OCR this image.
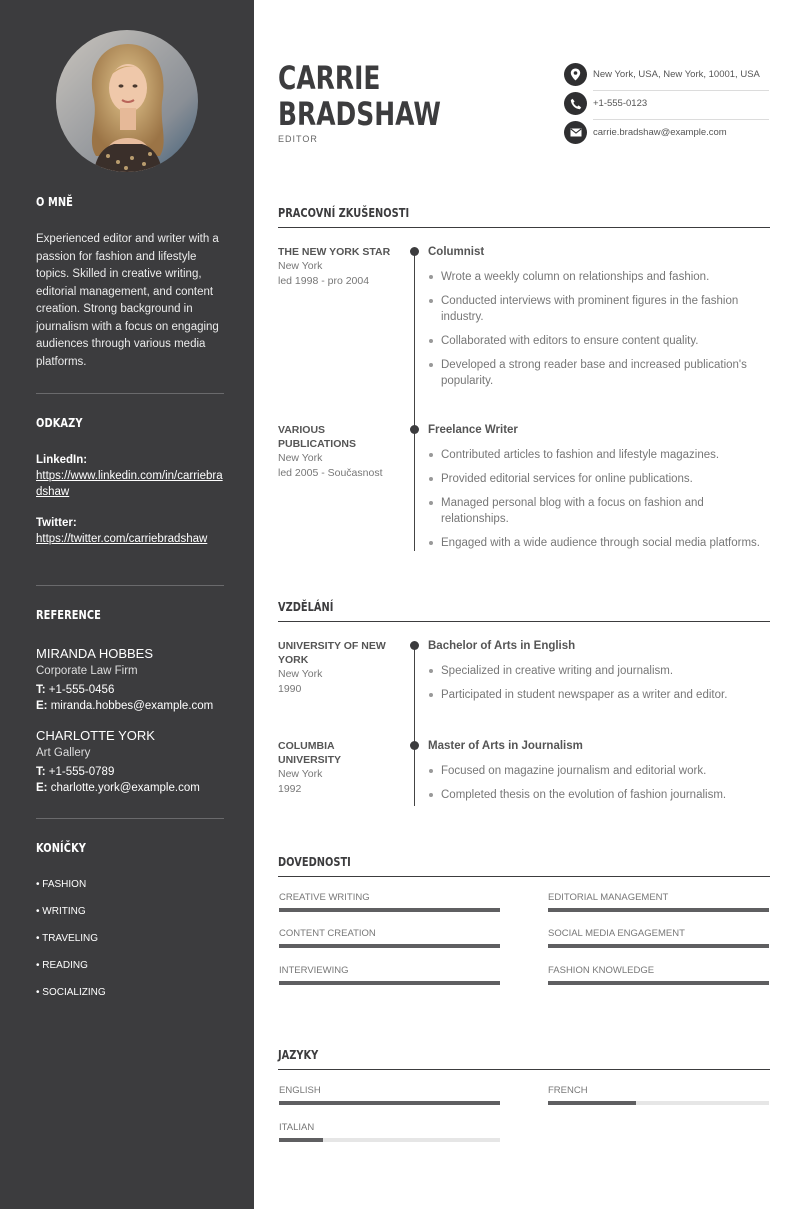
O MNĚ
Experienced editor and writer with a passion for fashion and lifestyle topics. Skilled in creative writing, editorial management, and content creation. Strong background in journalism with a focus on engaging audiences through various media platforms.
ODKAZY
LinkedIn:
https://www.linkedin.com/in/carriebradshaw
Twitter:
https://twitter.com/carriebradshaw
REFERENCE
MIRANDA HOBBES
Corporate Law Firm
T: +1-555-0456
E: miranda.hobbes@example.com
CHARLOTTE YORK
Art Gallery
T: +1-555-0789
E: charlotte.york@example.com
KONÍČKY
• FASHION
• WRITING
• TRAVELING
• READING
• SOCIALIZING
CARRIE
BRADSHAW
EDITOR
New York, USA, New York, 10001, USA
+1-555-0123
carrie.bradshaw@example.com
PRACOVNÍ ZKUŠENOSTI
THE NEW YORK STAR
New York
led 1998 - pro 2004
Columnist
Wrote a weekly column on relationships and fashion.
Conducted interviews with prominent figures in the fashion industry.
Collaborated with editors to ensure content quality.
Developed a strong reader base and increased publication's popularity.
VARIOUS PUBLICATIONS
New York
led 2005 - Současnost
Freelance Writer
Contributed articles to fashion and lifestyle magazines.
Provided editorial services for online publications.
Managed personal blog with a focus on fashion and relationships.
Engaged with a wide audience through social media platforms.
VZDĚLÁNÍ
UNIVERSITY OF NEW YORK
New York
1990
Bachelor of Arts in English
Specialized in creative writing and journalism.
Participated in student newspaper as a writer and editor.
COLUMBIA UNIVERSITY
New York
1992
Master of Arts in Journalism
Focused on magazine journalism and editorial work.
Completed thesis on the evolution of fashion journalism.
DOVEDNOSTI
CREATIVE WRITING	EDITORIAL MANAGEMENT
CONTENT CREATION	SOCIAL MEDIA ENGAGEMENT
INTERVIEWING	FASHION KNOWLEDGE
JAZYKY
ENGLISH	FRENCH
ITALIAN
